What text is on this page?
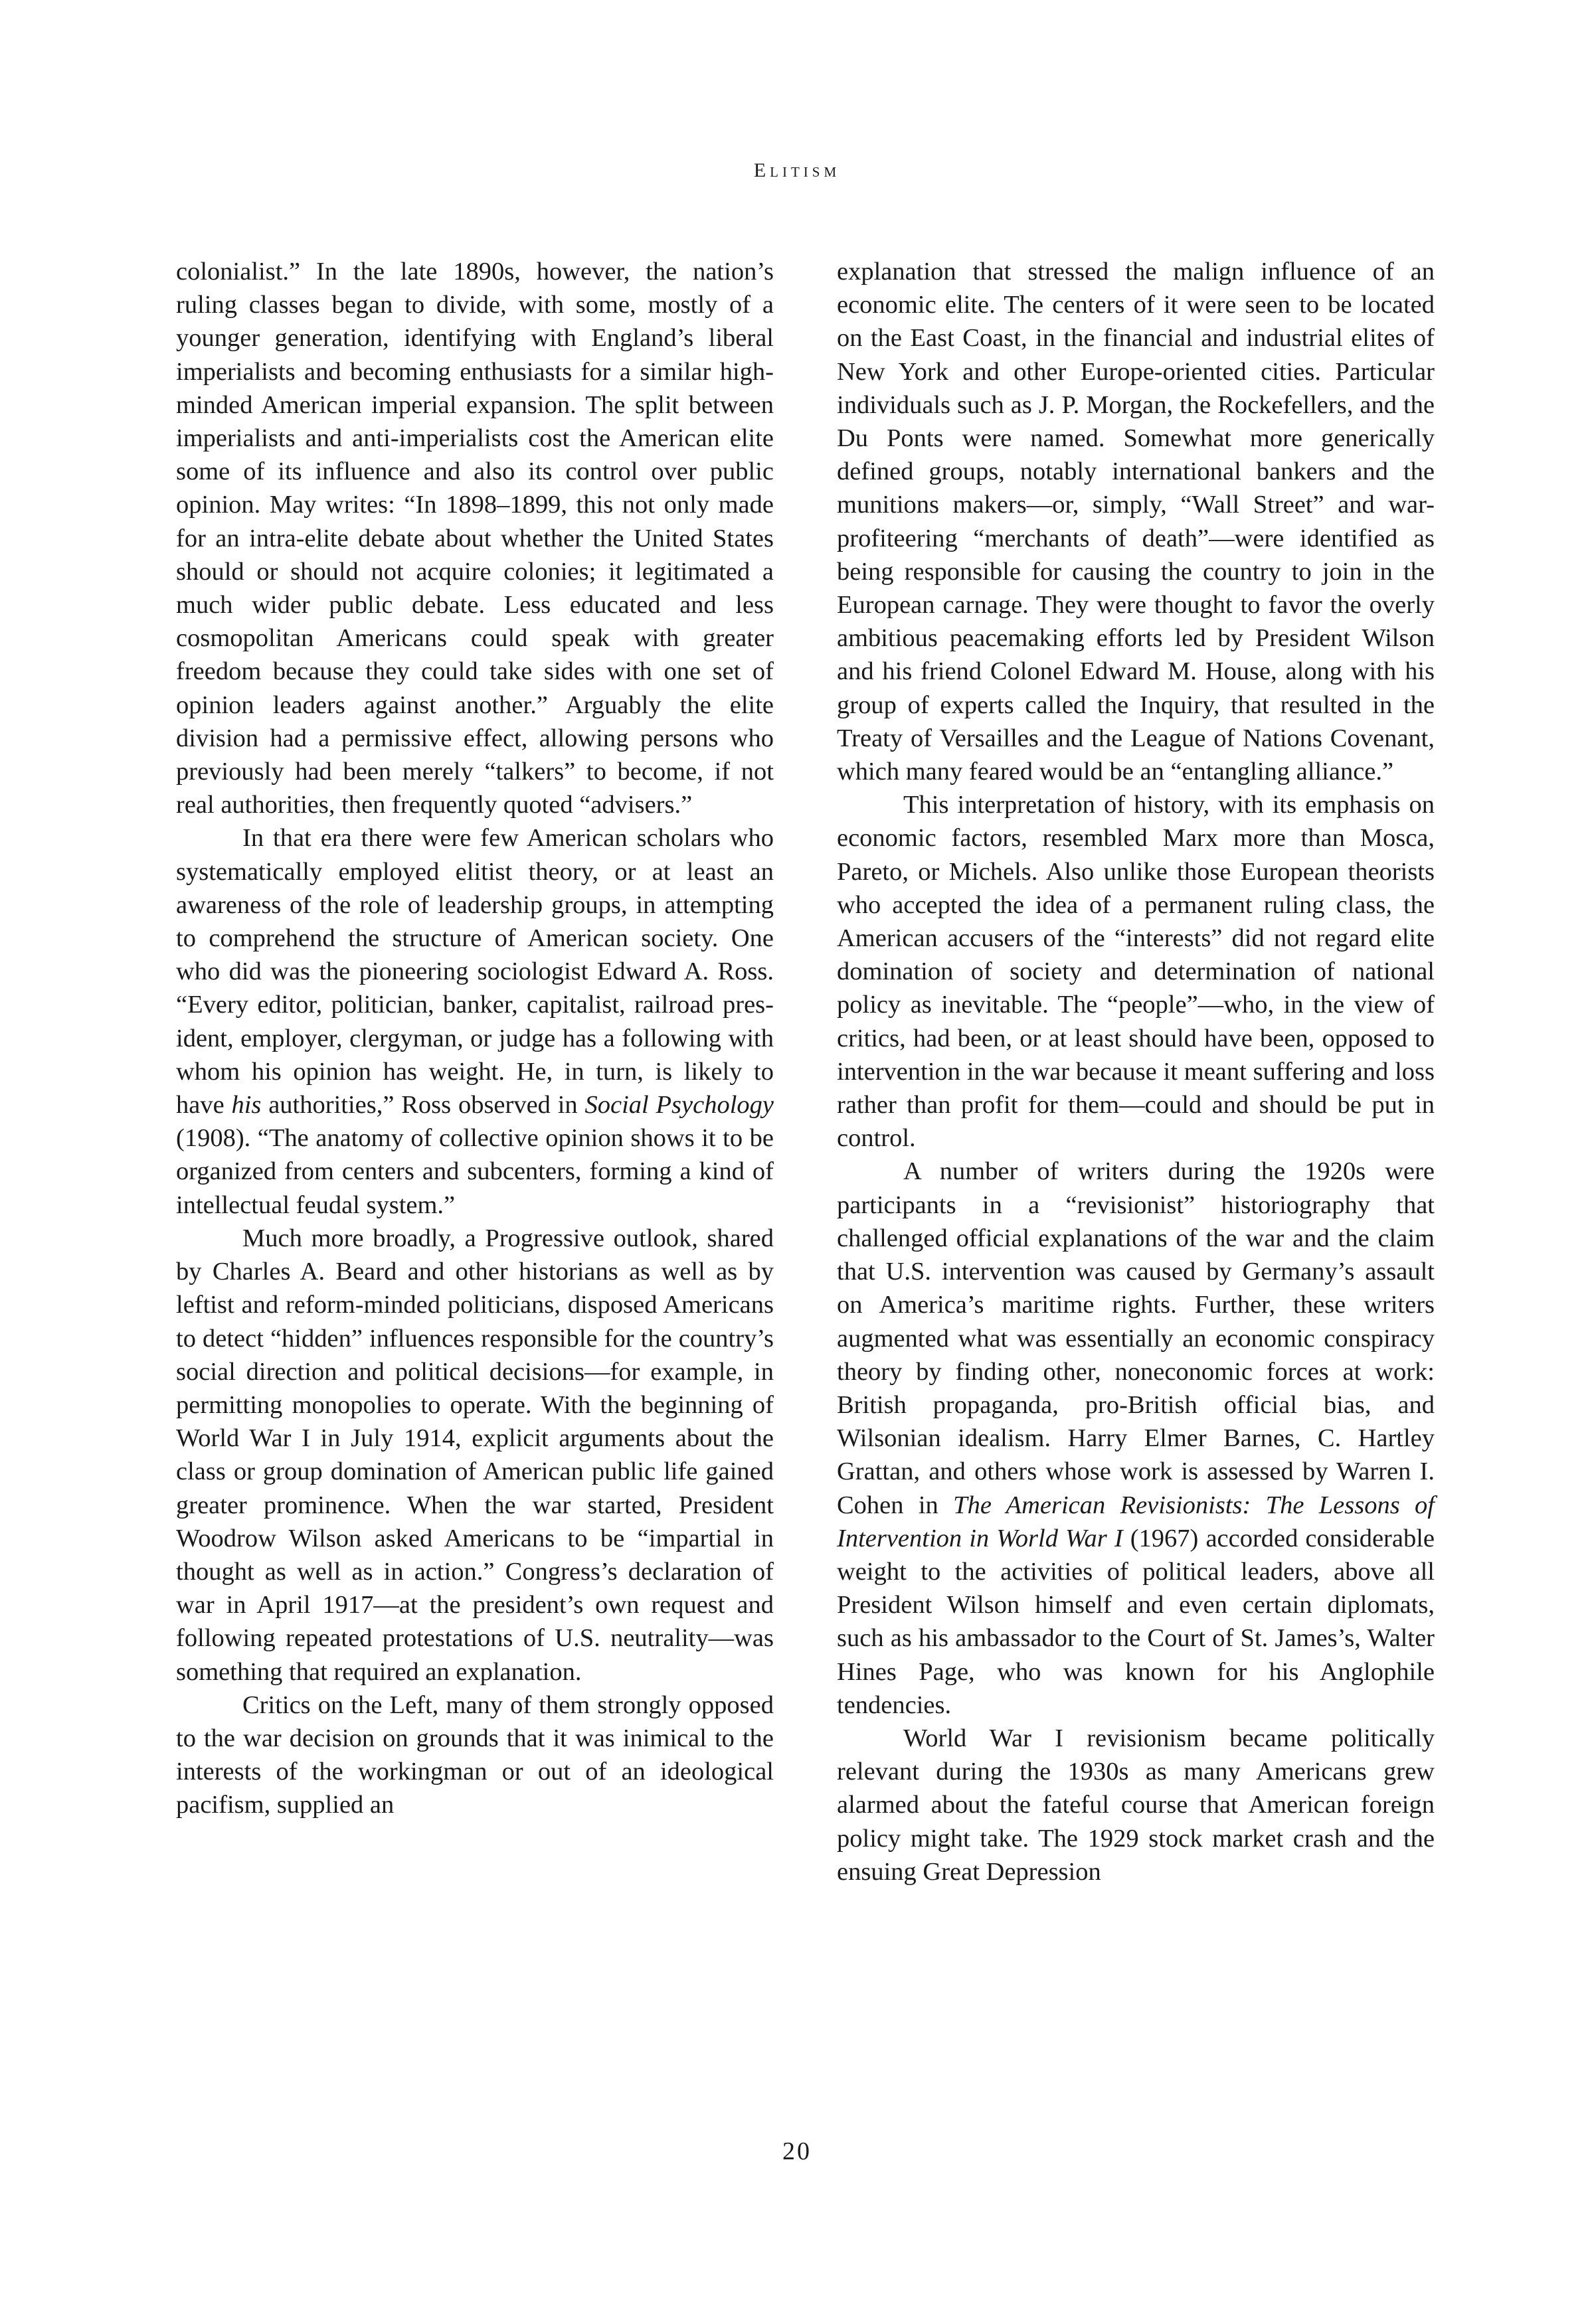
Elitism

colonialist.” In the late 1890s, however, the nation’s ruling classes began to divide, with some, mostly of a younger generation, identifying with England’s liberal imperialists and becoming enthusiasts for a similar high-minded American imperial expansion. The split between imperialists and anti-imperialists cost the American elite some of its influence and also its control over public opinion. May writes: “In 1898–1899, this not only made for an intra-elite debate about whether the United States should or should not acquire colonies; it legitimated a much wider public debate. Less educated and less cosmopolitan Americans could speak with greater freedom because they could take sides with one set of opinion leaders against another.” Arguably the elite division had a permissive effect, allowing persons who previously had been merely “talkers” to become, if not real authorities, then frequently quoted “advisers.”

In that era there were few American scholars who systematically employed elitist theory, or at least an awareness of the role of leadership groups, in attempting to comprehend the structure of American society. One who did was the pioneering sociologist Edward A. Ross. “Every editor, politician, banker, capitalist, railroad president, employer, clergyman, or judge has a following with whom his opinion has weight. He, in turn, is likely to have his authorities,” Ross observed in Social Psychology (1908). “The anatomy of collective opinion shows it to be organized from centers and subcenters, forming a kind of intellectual feudal system.”

Much more broadly, a Progressive outlook, shared by Charles A. Beard and other historians as well as by leftist and reform-minded politicians, disposed Americans to detect “hidden” influences responsible for the country’s social direction and political decisions—for example, in permitting monopolies to operate. With the beginning of World War I in July 1914, explicit arguments about the class or group domination of American public life gained greater prominence. When the war started, President Woodrow Wilson asked Americans to be “impartial in thought as well as in action.” Congress’s declaration of war in April 1917—at the president’s own request and following repeated protestations of U.S. neutrality—was something that required an explanation.

Critics on the Left, many of them strongly opposed to the war decision on grounds that it was inimical to the interests of the workingman or out of an ideological pacifism, supplied an

explanation that stressed the malign influence of an economic elite. The centers of it were seen to be located on the East Coast, in the financial and industrial elites of New York and other Europe-oriented cities. Particular individuals such as J. P. Morgan, the Rockefellers, and the Du Ponts were named. Somewhat more generically defined groups, notably international bankers and the munitions makers—or, simply, “Wall Street” and war-profiteering “merchants of death”—were identified as being responsible for causing the country to join in the European carnage. They were thought to favor the overly ambitious peacemaking efforts led by President Wilson and his friend Colonel Edward M. House, along with his group of experts called the Inquiry, that resulted in the Treaty of Versailles and the League of Nations Covenant, which many feared would be an “entangling alliance.”

This interpretation of history, with its emphasis on economic factors, resembled Marx more than Mosca, Pareto, or Michels. Also unlike those European theorists who accepted the idea of a permanent ruling class, the American accusers of the “interests” did not regard elite domination of society and determination of national policy as inevitable. The “people”—who, in the view of critics, had been, or at least should have been, opposed to intervention in the war because it meant suffering and loss rather than profit for them—could and should be put in control.

A number of writers during the 1920s were participants in a “revisionist” historiography that challenged official explanations of the war and the claim that U.S. intervention was caused by Germany’s assault on America’s maritime rights. Further, these writers augmented what was essentially an economic conspiracy theory by finding other, noneconomic forces at work: British propaganda, pro-British official bias, and Wilsonian idealism. Harry Elmer Barnes, C. Hartley Grattan, and others whose work is assessed by Warren I. Cohen in The American Revisionists: The Lessons of Intervention in World War I (1967) accorded considerable weight to the activities of political leaders, above all President Wilson himself and even certain diplomats, such as his ambassador to the Court of St. James’s, Walter Hines Page, who was known for his Anglophile tendencies.

World War I revisionism became politically relevant during the 1930s as many Americans grew alarmed about the fateful course that American foreign policy might take. The 1929 stock market crash and the ensuing Great Depression

20
